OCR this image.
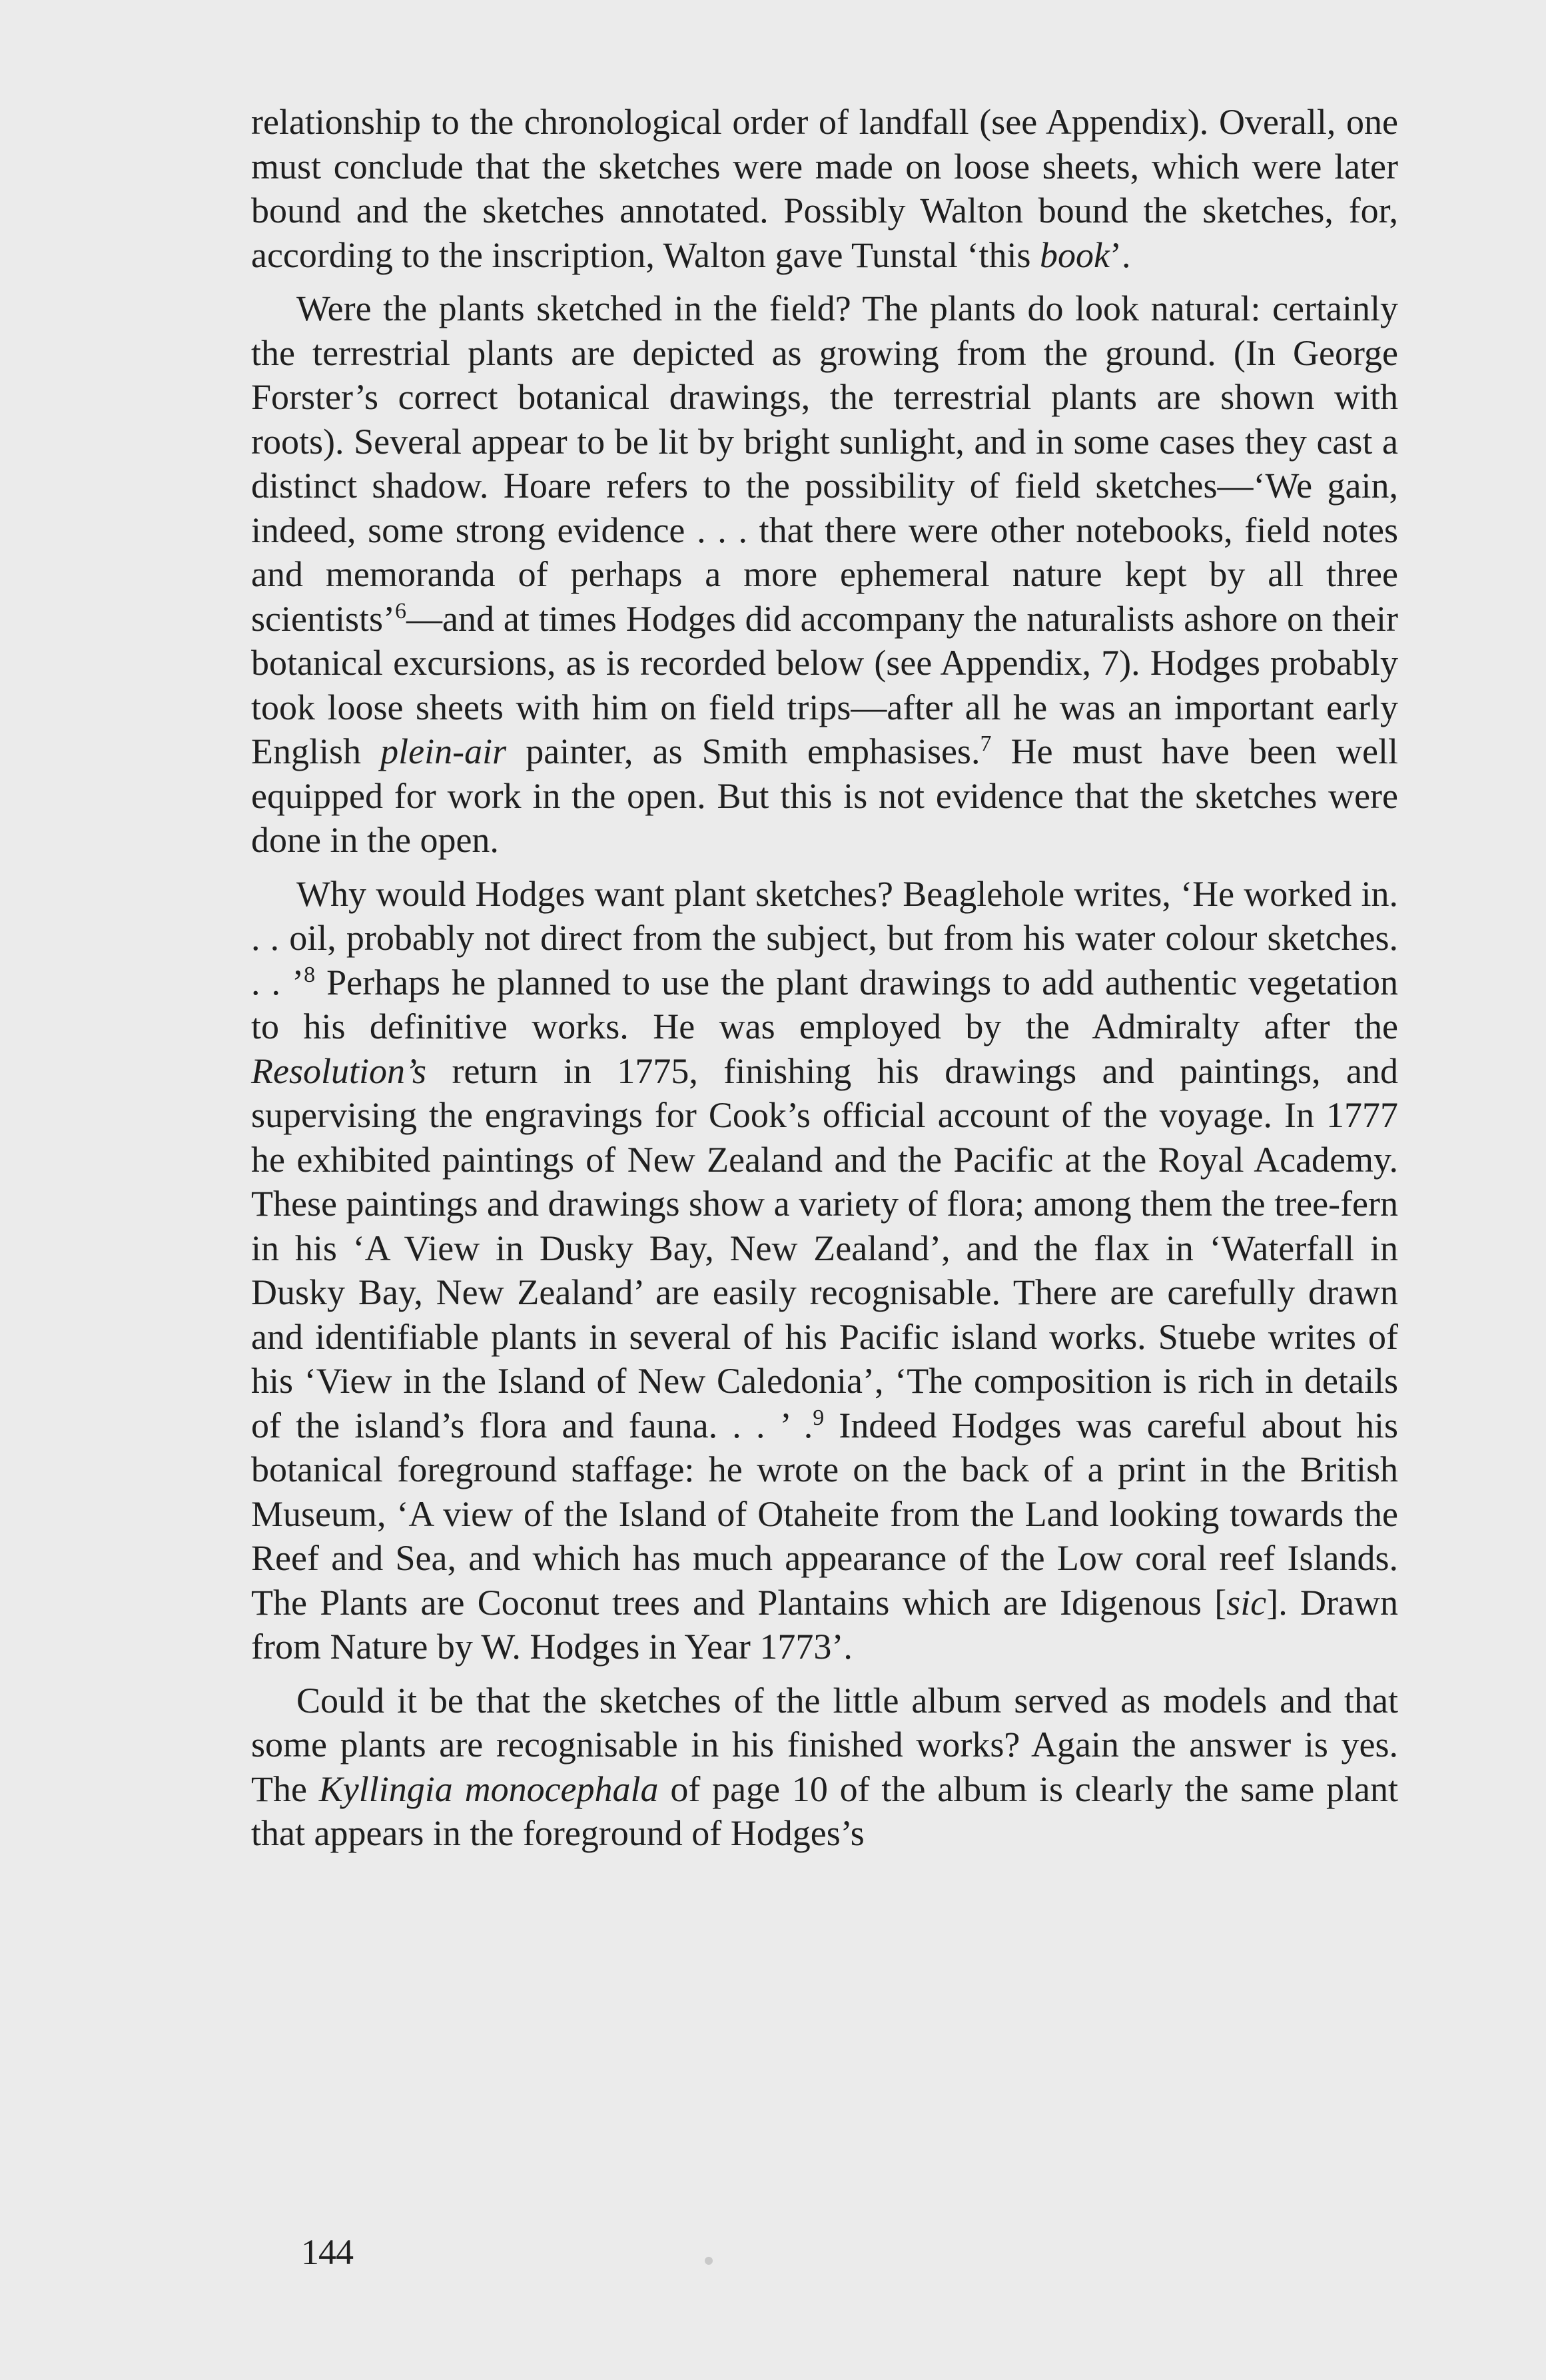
relationship to the chronological order of landfall (see Appendix). Overall, one must conclude that the sketches were made on loose sheets, which were later bound and the sketches annotated. Possibly Walton bound the sketches, for, according to the inscription, Walton gave Tunstal ‘this book’.

Were the plants sketched in the field? The plants do look natural: certainly the terrestrial plants are depicted as growing from the ground. (In George Forster’s correct botanical drawings, the terrestrial plants are shown with roots). Several appear to be lit by bright sunlight, and in some cases they cast a distinct shadow. Hoare refers to the possibility of field sketches—‘We gain, indeed, some strong evidence . . . that there were other notebooks, field notes and memoranda of perhaps a more ephemeral nature kept by all three scientists’$^6$—and at times Hodges did accompany the naturalists ashore on their botanical excursions, as is recorded below (see Appendix, 7). Hodges probably took loose sheets with him on field trips—after all he was an important early English plein-air painter, as Smith emphasises.$^7$ He must have been well equipped for work in the open. But this is not evidence that the sketches were done in the open.

Why would Hodges want plant sketches? Beaglehole writes, ‘He worked in. . . oil, probably not direct from the subject, but from his water colour sketches. . . ’$^8$ Perhaps he planned to use the plant drawings to add authentic vegetation to his definitive works. He was employed by the Admiralty after the Resolution’s return in 1775, finishing his drawings and paintings, and supervising the engravings for Cook’s official account of the voyage. In 1777 he exhibited paintings of New Zealand and the Pacific at the Royal Academy. These paintings and drawings show a variety of flora; among them the tree-fern in his ‘A View in Dusky Bay, New Zealand’, and the flax in ‘Waterfall in Dusky Bay, New Zealand’ are easily recognisable. There are carefully drawn and identifiable plants in several of his Pacific island works. Stuebe writes of his ‘View in the Island of New Caledonia’, ‘The composition is rich in details of the island’s flora and fauna. . . ’ .$^9$ Indeed Hodges was careful about his botanical foreground staffage: he wrote on the back of a print in the British Museum, ‘A view of the Island of Otaheite from the Land looking towards the Reef and Sea, and which has much appearance of the Low coral reef Islands. The Plants are Coconut trees and Plantains which are Idigenous [sic]. Drawn from Nature by W. Hodges in Year 1773’.

Could it be that the sketches of the little album served as models and that some plants are recognisable in his finished works? Again the answer is yes. The Kyllingia monocephala of page 10 of the album is clearly the same plant that appears in the foreground of Hodges’s

144
